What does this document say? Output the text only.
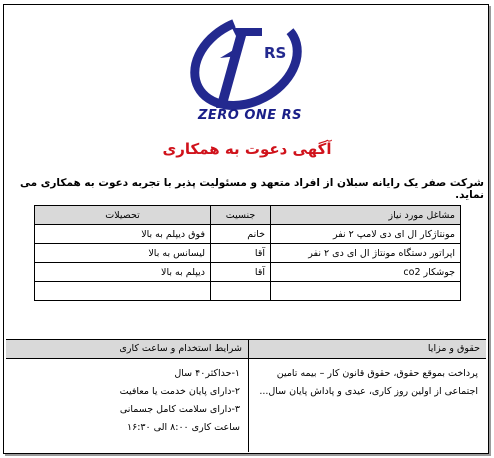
RS
ZERO ONE RS
آگهی دعوت به همکاری
شرکت صفر یک رایانه سبلان از افراد متعهد و مسئولیت پذیر با تجربه دعوت به همکاری می نماید.
مشاغل مورد نیاز	جنسیت	تحصیلات
مونتاژکار ال ای دی لامپ ۲ نفر	خانم	فوق دیپلم به بالا
اپراتور دستگاه مونتاژ ال ای دی ۲ نفر	آقا	لیسانس به بالا
جوشکار co2	آقا	دیپلم به بالا

حقوق و مزایا
پرداخت بموقع حقوق، حقوق قانون کار – بیمه تامین
اجتماعی از اولین روز کاری، عیدی و پاداش پایان سال...
شرایط استخدام و ساعت کاری
۱-حداکثر۴۰ سال
۲-دارای پایان خدمت یا معافیت
۳-دارای سلامت کامل جسمانی
ساعت کاری ۸:۰۰ الی ۱۶:۳۰
